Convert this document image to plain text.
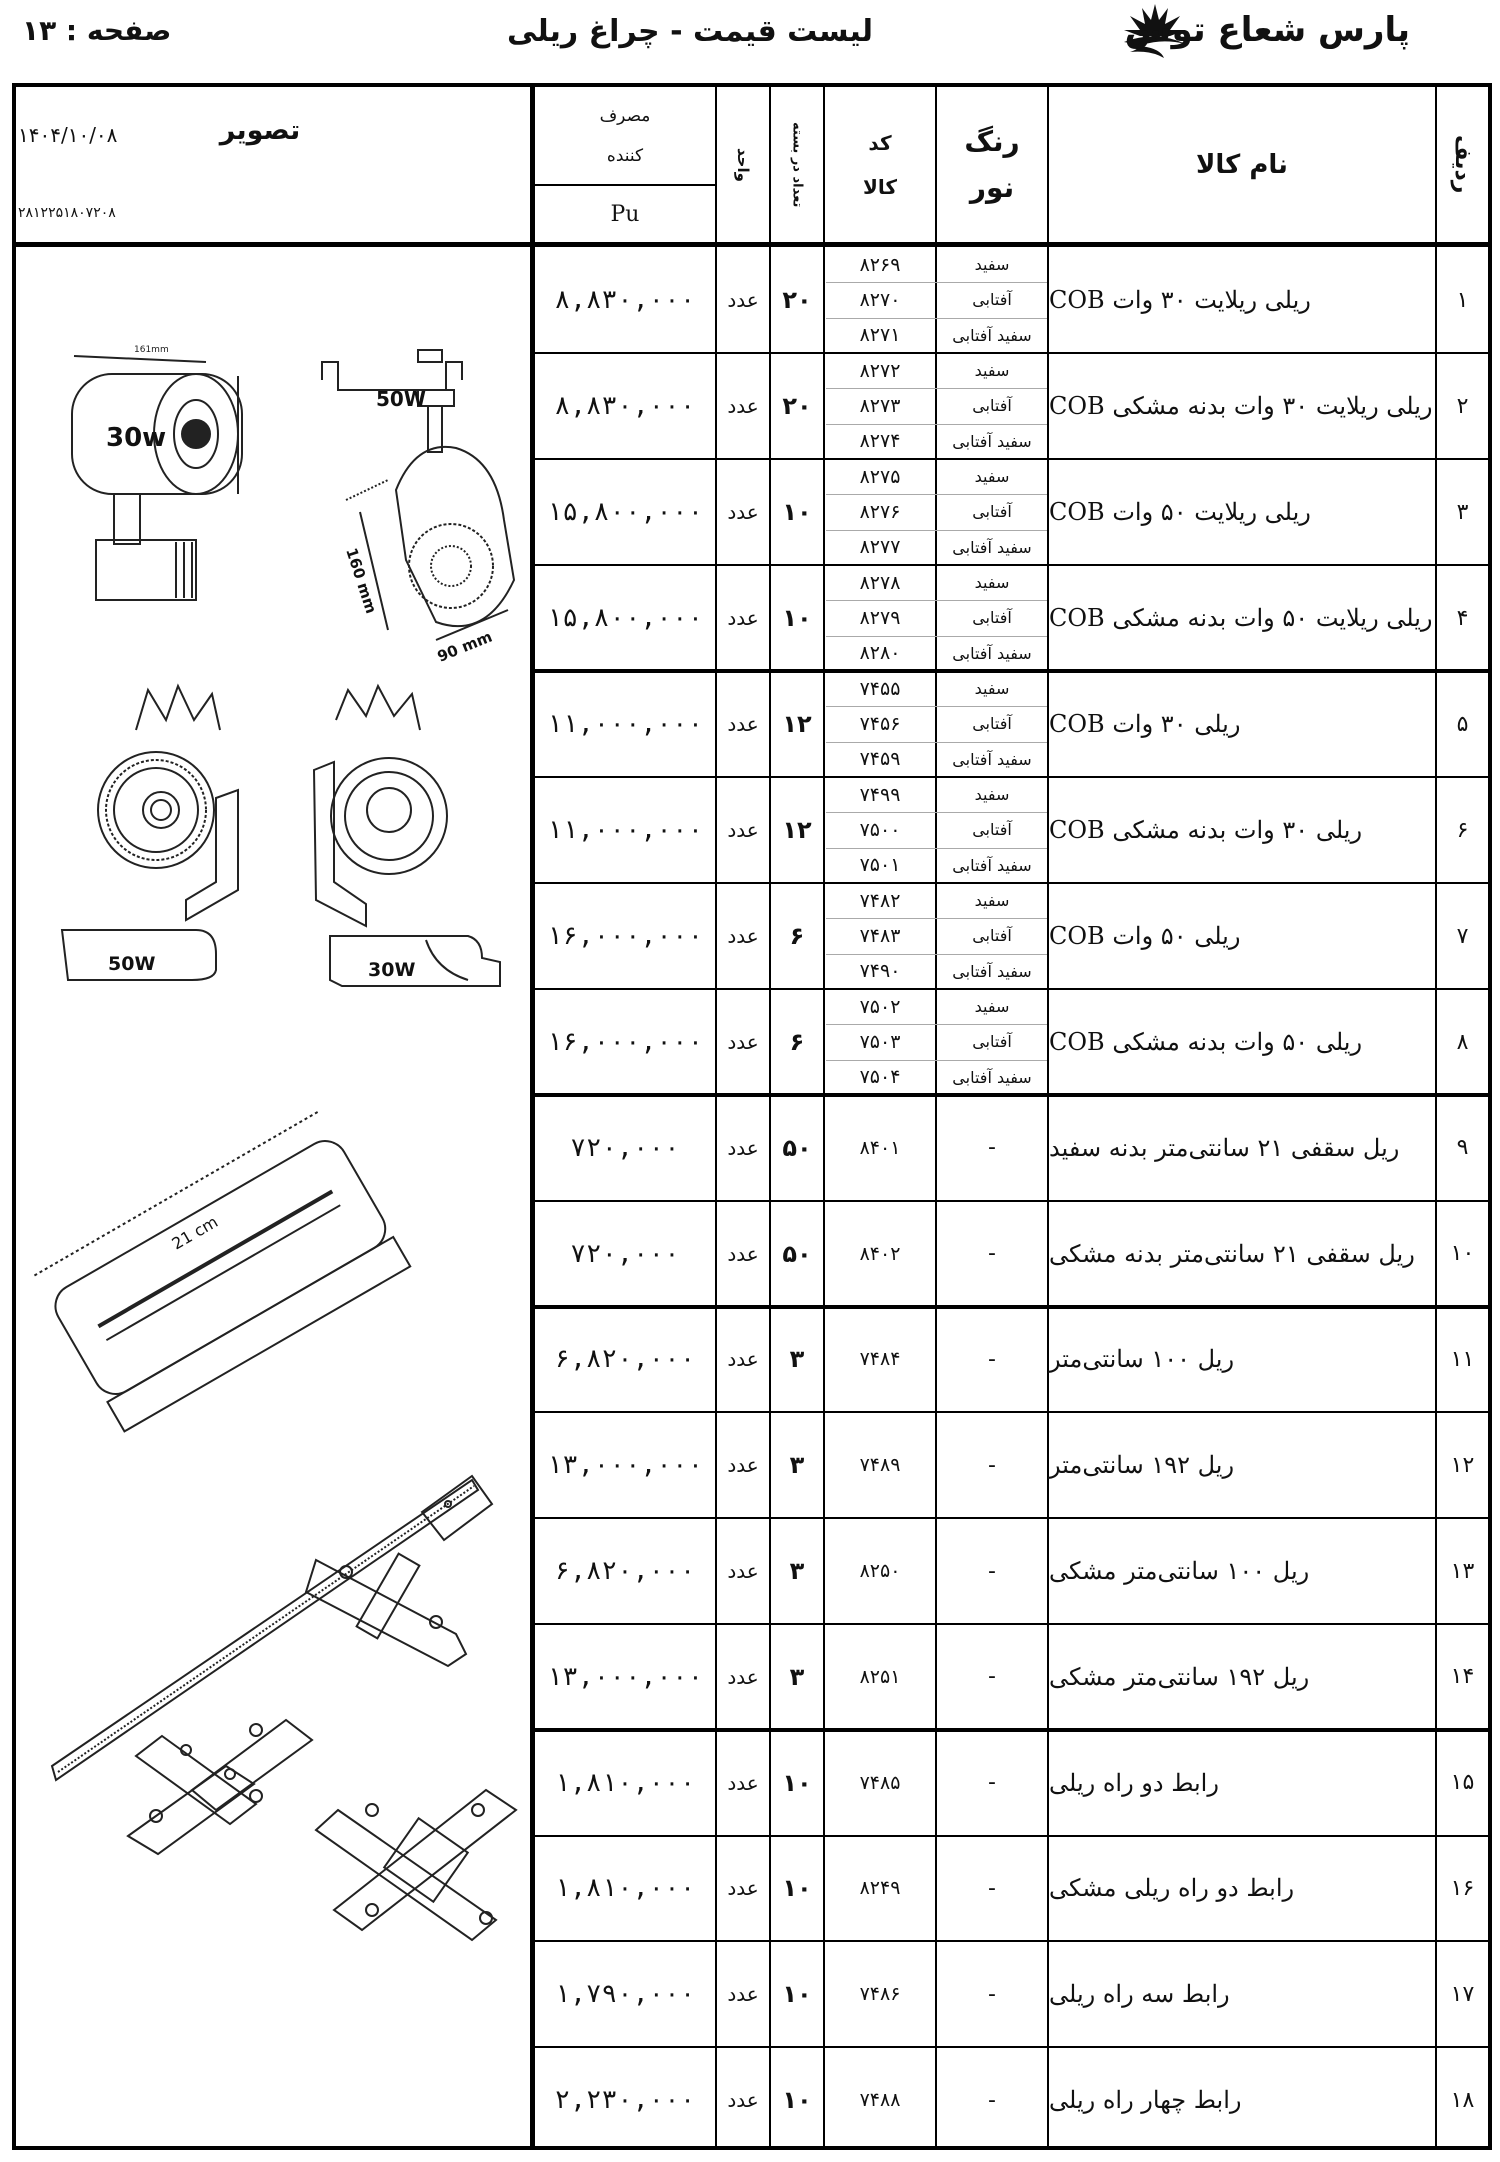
صفحه : ۱۳	لیست قیمت - چراغ ریلی	پارس شعاع توس
ردیف
نام کالا
رنگ
نور
کد
کالا
تعداد در بسته
واحد
مصرف
کننده
Pu
تصویر
۱۴۰۴/۱۰/۰۸
۲۸۱۲۲۵۱۸۰۷۲۰۸
۱
ریلی ریلایت ۳۰ وات COB
۸۲۶۹	سفید
۸۲۷۰	آفتابی
۸۲۷۱	سفید آفتابی
۲۰
عدد
۸,۸۳۰,۰۰۰
۲
ریلی ریلایت ۳۰ وات بدنه مشکی COB
۸۲۷۲	سفید
۸۲۷۳	آفتابی
۸۲۷۴	سفید آفتابی
۲۰
عدد
۸,۸۳۰,۰۰۰
۳
ریلی ریلایت ۵۰ وات COB
۸۲۷۵	سفید
۸۲۷۶	آفتابی
۸۲۷۷	سفید آفتابی
۱۰
عدد
۱۵,۸۰۰,۰۰۰
۴
ریلی ریلایت ۵۰ وات بدنه مشکی COB
۸۲۷۸	سفید
۸۲۷۹	آفتابی
۸۲۸۰	سفید آفتابی
۱۰
عدد
۱۵,۸۰۰,۰۰۰
۵
ریلی ۳۰ وات COB
۷۴۵۵	سفید
۷۴۵۶	آفتابی
۷۴۵۹	سفید آفتابی
۱۲
عدد
۱۱,۰۰۰,۰۰۰
۶
ریلی ۳۰ وات بدنه مشکی COB
۷۴۹۹	سفید
۷۵۰۰	آفتابی
۷۵۰۱	سفید آفتابی
۱۲
عدد
۱۱,۰۰۰,۰۰۰
۷
ریلی ۵۰ وات COB
۷۴۸۲	سفید
۷۴۸۳	آفتابی
۷۴۹۰	سفید آفتابی
۶
عدد
۱۶,۰۰۰,۰۰۰
۸
ریلی ۵۰ وات بدنه مشکی COB
۷۵۰۲	سفید
۷۵۰۳	آفتابی
۷۵۰۴	سفید آفتابی
۶
عدد
۱۶,۰۰۰,۰۰۰
۹
ریل سقفی ۲۱ سانتی‌متر بدنه سفید
۸۴۰۱	-
۵۰
عدد
۷۲۰,۰۰۰
۱۰
ریل سقفی ۲۱ سانتی‌متر بدنه مشکی
۸۴۰۲	-
۵۰
عدد
۷۲۰,۰۰۰
۱۱
ریل ۱۰۰ سانتی‌متر
۷۴۸۴	-
۳
عدد
۶,۸۲۰,۰۰۰
۱۲
ریل ۱۹۲ سانتی‌متر
۷۴۸۹	-
۳
عدد
۱۳,۰۰۰,۰۰۰
۱۳
ریل ۱۰۰ سانتی‌متر مشکی
۸۲۵۰	-
۳
عدد
۶,۸۲۰,۰۰۰
۱۴
ریل ۱۹۲ سانتی‌متر مشکی
۸۲۵۱	-
۳
عدد
۱۳,۰۰۰,۰۰۰
۱۵
رابط دو راه ریلی
۷۴۸۵	-
۱۰
عدد
۱,۸۱۰,۰۰۰
۱۶
رابط دو راه ریلی مشکی
۸۲۴۹	-
۱۰
عدد
۱,۸۱۰,۰۰۰
۱۷
رابط سه راه ریلی
۷۴۸۶	-
۱۰
عدد
۱,۷۹۰,۰۰۰
۱۸
رابط چهار راه ریلی
۷۴۸۸	-
۱۰
عدد
۲,۲۳۰,۰۰۰
161mm
30w
50W
160 mm
90 mm
50W	30W
21 cm
